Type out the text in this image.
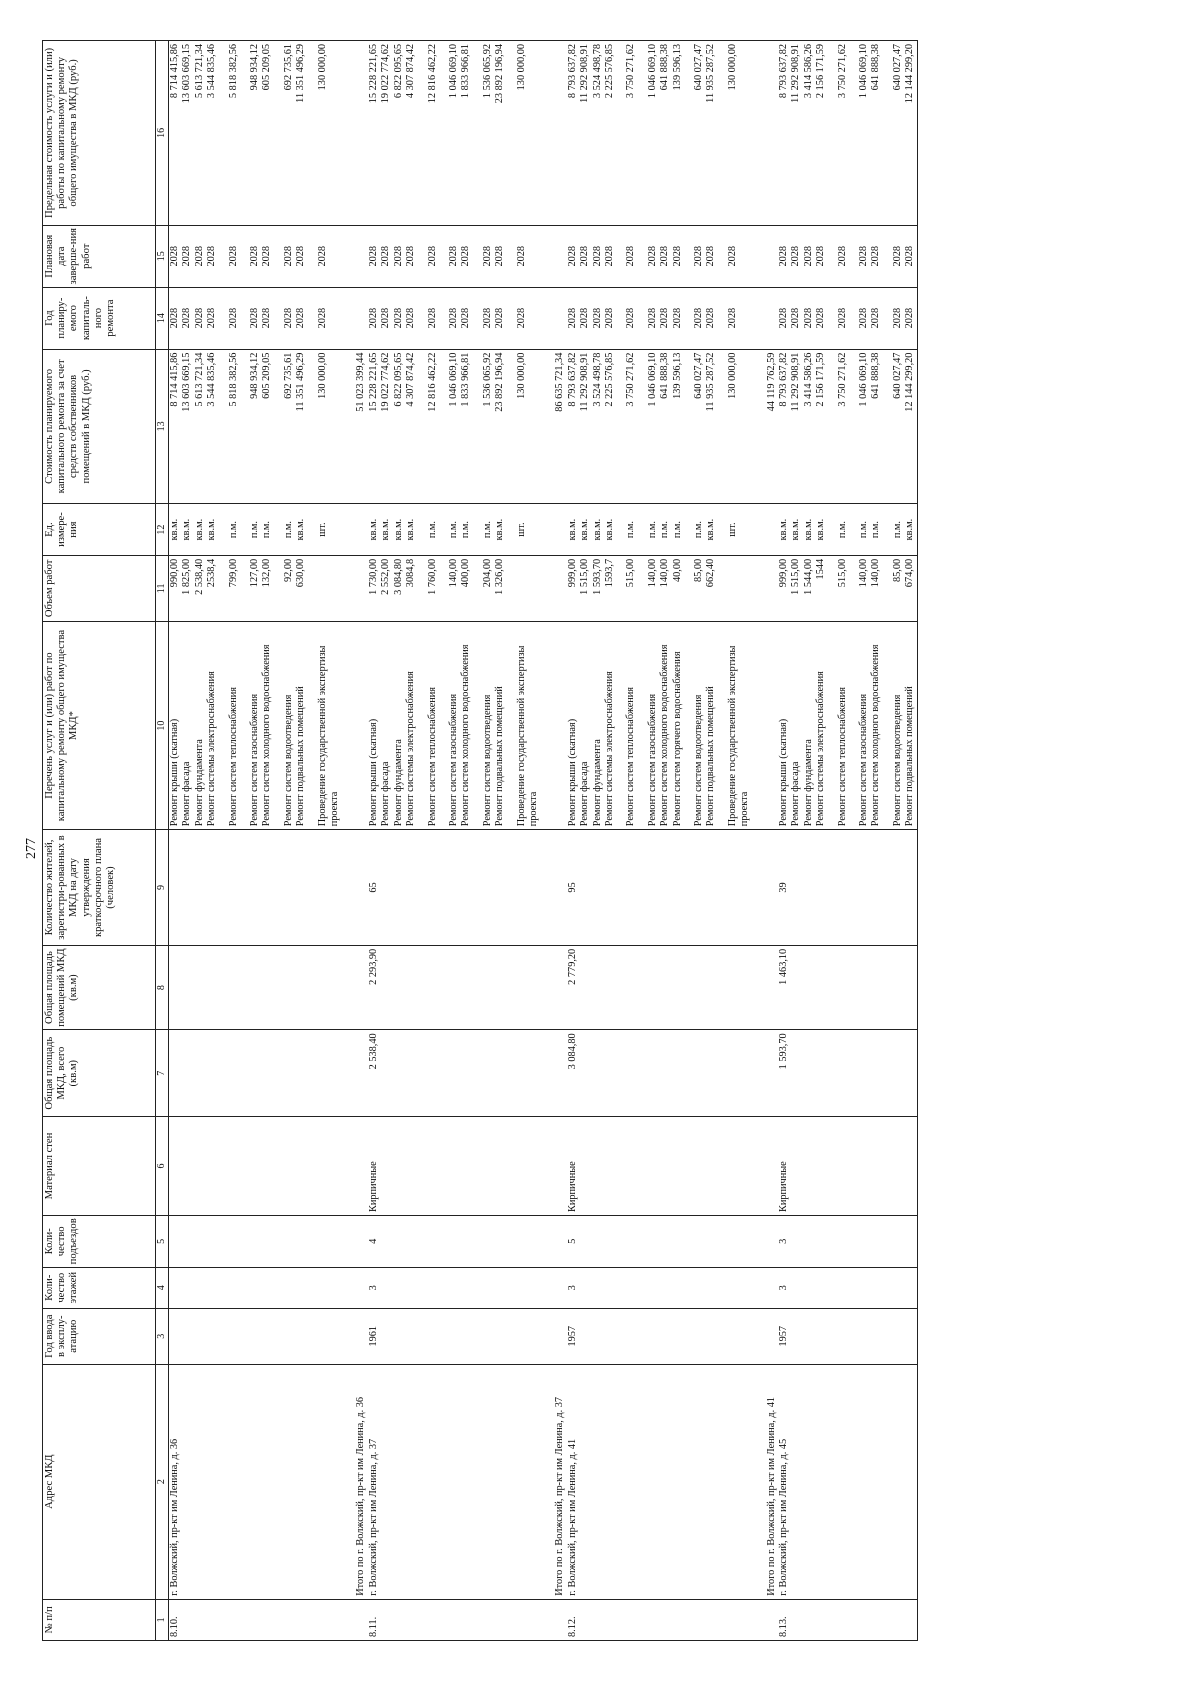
277
№ п/п	Адрес МКД	Год ввода в эксплу-атацию	Коли-чество этажей	Коли-чество подъездов	Материал стен	Общая площадь МКД, всего (кв.м)	Общая площадь помещений МКД (кв.м)	Количество жителей, зарегистри-рованных в МКД на дату утверждения краткосрочного плана (человек)	Перечень услуг и (или) работ по капитальному ремонту общего имущества МКД*	Объем работ	Ед. измере-ния	Стоимость планируемого капитального ремонта за счет средств собственников помещений в МКД (руб.)	Год планиру-емого капиталь-ного ремонта	Плановая дата заверше-ния работ	Предельная стоимость услуги и (или) работы по капитальному ремонту общего имущества в МКД (руб.)
1	2	3	4	5	6	7	8	9	10	11	12	13	14	15	16
8.10.	г. Волжский, пр-кт им Ленина, д. 36								Ремонт крыши (скатная)	990,00	кв.м.	8 714 415,86	2028	2028	8 714 415,86
									Ремонт фасада	1 825,00	кв.м.	13 603 669,15	2028	2028	13 603 669,15
									Ремонт фундамента	2 538,40	кв.м.	5 613 721,34	2028	2028	5 613 721,34
									Ремонт системы электроснабжения	2538,4	кв.м.	3 544 835,46	2028	2028	3 544 835,46
									Ремонт систем теплоснабжения	799,00	п.м.	5 818 382,56	2028	2028	5 818 382,56
									Ремонт систем газоснабжения	127,00	п.м.	948 934,12	2028	2028	948 934,12
									Ремонт систем холодного водоснабжения	132,00	п.м.	605 209,05	2028	2028	605 209,05
									Ремонт систем водоотведения	92,00	п.м.	692 735,61	2028	2028	692 735,61
									Ремонт подвальных помещений	630,00	кв.м.	11 351 496,29	2028	2028	11 351 496,29
									Проведение государственной экспертизы проекта		шт.	130 000,00	2028	2028	130 000,00
	Итого по г. Волжский, пр-кт им Ленина, д. 36											51 023 399,44			
8.11.	г. Волжский, пр-кт им Ленина, д. 37	1961	3	4	Кирпичные	2 538,40	2 293,90	65	Ремонт крыши (скатная)	1 730,00	кв.м.	15 228 221,65	2028	2028	15 228 221,65
									Ремонт фасада	2 552,00	кв.м.	19 022 774,62	2028	2028	19 022 774,62
									Ремонт фундамента	3 084,80	кв.м.	6 822 095,65	2028	2028	6 822 095,65
									Ремонт системы электроснабжения	3084,8	кв.м.	4 307 874,42	2028	2028	4 307 874,42
									Ремонт систем теплоснабжения	1 760,00	п.м.	12 816 462,22	2028	2028	12 816 462,22
									Ремонт систем газоснабжения	140,00	п.м.	1 046 069,10	2028	2028	1 046 069,10
									Ремонт систем холодного водоснабжения	400,00	п.м.	1 833 966,81	2028	2028	1 833 966,81
									Ремонт систем водоотведения	204,00	п.м.	1 536 065,92	2028	2028	1 536 065,92
									Ремонт подвальных помещений	1 326,00	кв.м.	23 892 196,94	2028	2028	23 892 196,94
									Проведение государственной экспертизы проекта		шт.	130 000,00	2028	2028	130 000,00
	Итого по г. Волжский, пр-кт им Ленина, д. 37											86 635 721,34			
8.12.	г. Волжский, пр-кт им Ленина, д. 41	1957	3	5	Кирпичные	3 084,80	2 779,20	95	Ремонт крыши (скатная)	999,00	кв.м.	8 793 637,82	2028	2028	8 793 637,82
									Ремонт фасада	1 515,00	кв.м.	11 292 908,91	2028	2028	11 292 908,91
									Ремонт фундамента	1 593,70	кв.м.	3 524 498,78	2028	2028	3 524 498,78
									Ремонт системы электроснабжения	1593,7	кв.м.	2 225 576,85	2028	2028	2 225 576,85
									Ремонт систем теплоснабжения	515,00	п.м.	3 750 271,62	2028	2028	3 750 271,62
									Ремонт систем газоснабжения	140,00	п.м.	1 046 069,10	2028	2028	1 046 069,10
									Ремонт систем холодного водоснабжения	140,00	п.м.	641 888,38	2028	2028	641 888,38
									Ремонт систем горячего водоснабжения	40,00	п.м.	139 596,13	2028	2028	139 596,13
									Ремонт систем водоотведения	85,00	п.м.	640 027,47	2028	2028	640 027,47
									Ремонт подвальных помещений	662,40	кв.м.	11 935 287,52	2028	2028	11 935 287,52
									Проведение государственной экспертизы проекта		шт.	130 000,00	2028	2028	130 000,00
	Итого по г. Волжский, пр-кт им Ленина, д. 41											44 119 762,59			
8.13.	г. Волжский, пр-кт им Ленина, д. 45	1957	3	3	Кирпичные	1 593,70	1 463,10	39	Ремонт крыши (скатная)	999,00	кв.м.	8 793 637,82	2028	2028	8 793 637,82
									Ремонт фасада	1 515,00	кв.м.	11 292 908,91	2028	2028	11 292 908,91
									Ремонт фундамента	1 544,00	кв.м.	3 414 586,26	2028	2028	3 414 586,26
									Ремонт системы электроснабжения	1544	кв.м.	2 156 171,59	2028	2028	2 156 171,59
									Ремонт систем теплоснабжения	515,00	п.м.	3 750 271,62	2028	2028	3 750 271,62
									Ремонт систем газоснабжения	140,00	п.м.	1 046 069,10	2028	2028	1 046 069,10
									Ремонт систем холодного водоснабжения	140,00	п.м.	641 888,38	2028	2028	641 888,38
									Ремонт систем водоотведения	85,00	п.м.	640 027,47	2028	2028	640 027,47
									Ремонт подвальных помещений	674,00	кв.м.	12 144 299,20	2028	2028	12 144 299,20
